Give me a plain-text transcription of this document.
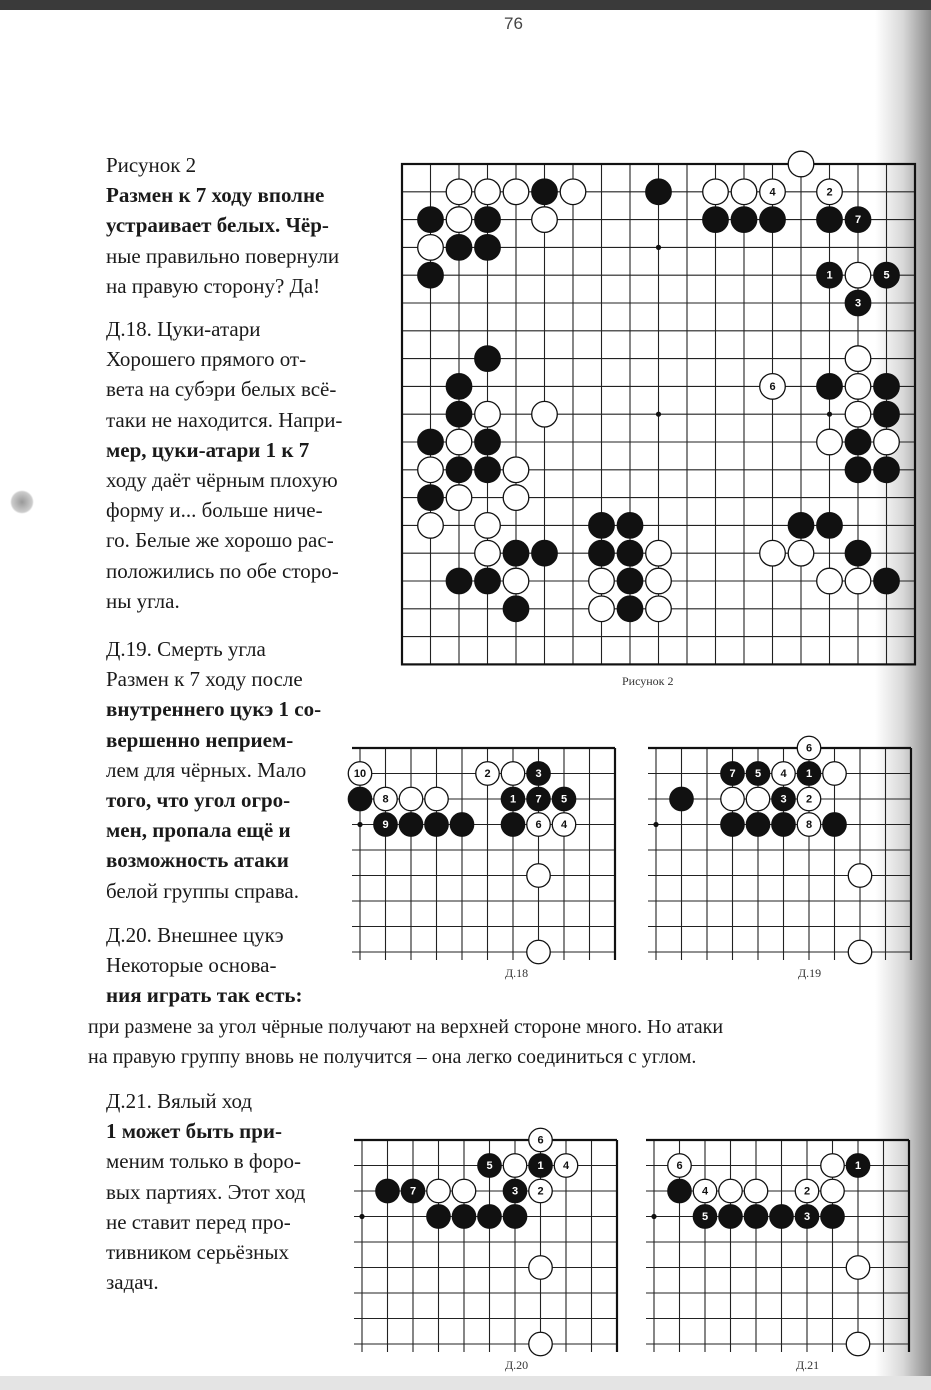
76
Рисунок 2
Размен к 7 ходу вполне
устраивает белых. Чёр-
ные правильно повернули
на правую сторону? Да!
Д.18. Цуки-атари
Хорошего прямого от-
вета на субэри белых всё-
таки не находится. Напри-
мер, цуки-атари 1 к 7
ходу даёт чёрным плохую
форму и... больше ниче-
го. Белые же хорошо рас-
положились по обе сторо-
ны угла.
Д.19. Смерть угла
Размен к 7 ходу после
внутреннего цукэ 1 со-
вершенно неприем-
лем для чёрных. Мало
того, что угол огро-
мен, пропала ещё и
возможность атаки
белой группы справа.
Д.20. Внешнее цукэ
Некоторые основа-
ния играть так есть:
при размене за угол чёрные получают на верхней стороне много. Но атаки
на правую группу вновь не получится – она легко соединиться с углом.
Д.21. Вялый ход
1 может быть при-
меним только в форо-
вых партиях. Этот ход
не ставит перед про-
тивником серьёзных
задач.
4	2
7
1	5
3
6
Рисунок 2
10	2	3
8	1 7 5
9	6 4
Д.18
6
7 5 4 1
3 2
8
Д.19
6
5	1 4
7	3 2
Д.20
6	1
4	2
5	3
Д.21
